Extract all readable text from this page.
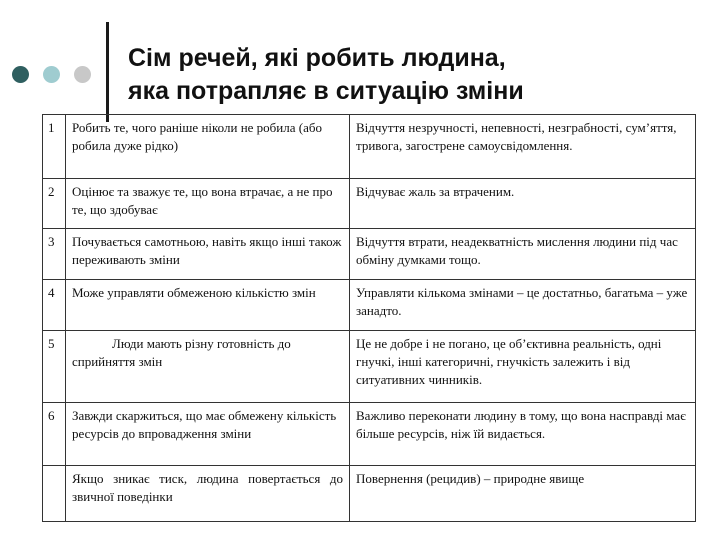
Сім речей, які робить людина,
яка потрапляє в ситуацію зміни
1	Робить те, чого раніше ніколи не робила (або робила дуже рідко)	Відчуття незручності, непевності, незграбності, сум’яття, тривога, загострене самоусвідомлення.
2	Оцінює та зважує те, що вона втрачає, а не про те, що здобуває	Відчуває жаль за втраченим.
3	Почувається самотньою, навіть якщо інші також переживають зміни	Відчуття втрати, неадекватність мислення людини під час обміну думками тощо.
4	Може управляти обмеженою кількістю змін	Управляти кількома змінами – це достатньо, багатьма – уже занадто.
5	Люди мають різну готовність до сприйняття змін	Це не добре і не погано, це об’єктивна реальність, одні гнучкі, інші категоричні, гнучкість залежить і від ситуативних чинників.
6	Завжди скаржиться, що має обмежену кількість ресурсів до впровадження зміни	Важливо переконати людину в тому, що вона насправді має більше ресурсів, ніж їй видається.
	Якщо зникає тиск, людина повертається до звичної поведінки	Повернення (рецидив) – природне явище
